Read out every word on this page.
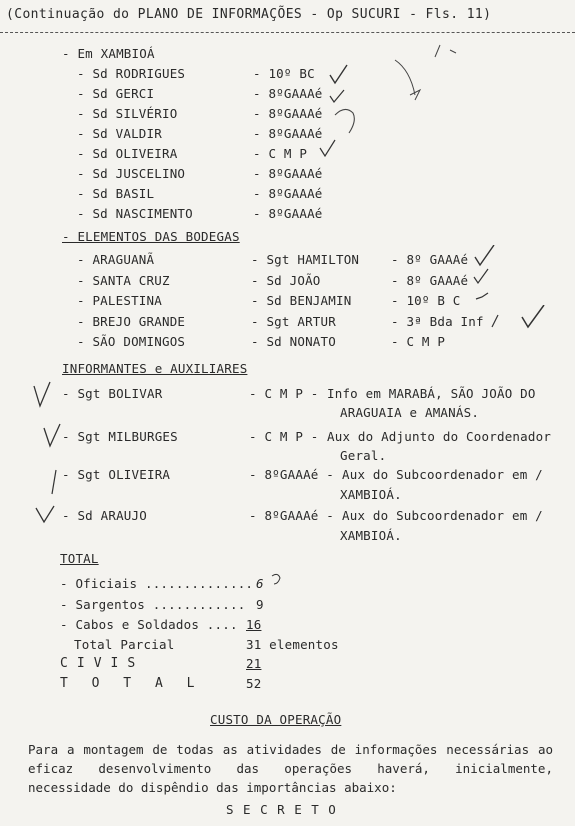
(Continuação do PLANO DE INFORMAÇÕES - Op SUCURI - Fls. 11)
- Em XAMBIOÁ
- Sd RODRIGUES	- 10º BC
- Sd GERCI	- 8ºGAAAé
- Sd SILVÉRIO	- 8ºGAAAé
- Sd VALDIR	- 8ºGAAAé
- Sd OLIVEIRA	- C M P
- Sd JUSCELINO	- 8ºGAAAé
- Sd BASIL	- 8ºGAAAé
- Sd NASCIMENTO	- 8ºGAAAé
- ELEMENTOS DAS BODEGAS
- ARAGUANÃ	- Sgt HAMILTON	- 8º GAAAé
- SANTA CRUZ	- Sd JOÃO	- 8º GAAAé
- PALESTINA	- Sd BENJAMIN	- 10º B C
- BREJO GRANDE	- Sgt ARTUR	- 3ª Bda Inf
- SÃO DOMINGOS	- Sd NONATO	- C M P
INFORMANTES e AUXILIARES
- Sgt BOLIVAR	- C M P - Info em MARABÁ, SÃO JOÃO DO
ARAGUAIA e AMANÁS.
- Sgt MILBURGES	- C M P - Aux do Adjunto do Coordenador
Geral.
- Sgt OLIVEIRA	- 8ºGAAAé - Aux do Subcoordenador em /
XAMBIOÁ.
- Sd ARAUJO	- 8ºGAAAé - Aux do Subcoordenador em /
XAMBIOÁ.
TOTAL
- Oficiais .............. 6
- Sargentos ............ 9
- Cabos e Soldados .... 16
Total Parcial	31 elementos
C I V I S	21
T O T A L	52
CUSTO DA OPERAÇÃO
Para a montagem de todas as atividades de informações necessárias ao eficaz desenvolvimento das operações haverá, inicialmente, necessidade do dispêndio das importâncias abaixo:
S E C R E T O
